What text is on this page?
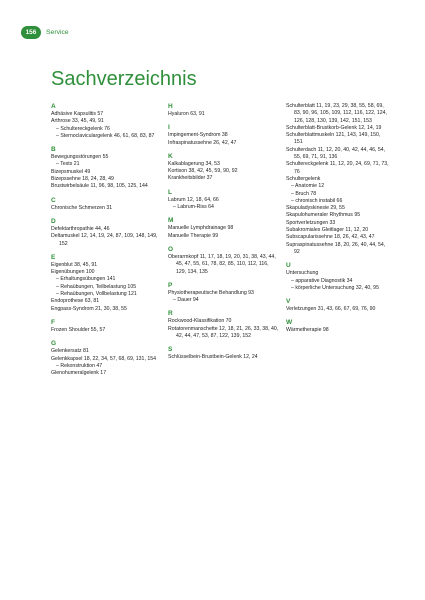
156	Service
Sachverzeichnis
A
Adhäsive Kapsulitis 57
Arthrose 33, 45, 49, 91
– Schultereckgelenk 76
– Sternoclaviculargelenk 46, 61, 68, 83, 87
B
Bewegungsstörungen 55
– Tests 21
Bizepsmuskel 49
Bizepssehne 18, 24, 28, 49
Brustwirbelsäule 11, 96, 98, 105, 125, 144
C
Chronische Schmerzen 31
D
Defektarthropathie 44, 46
Deltamuskel 12, 14, 19, 24, 87, 109, 148, 149, 152
E
Eigenblut 38, 45, 91
Eigenübungen 100
– Erhaltungsübungen 141
– Rehaübungen, Teilbelastung 105
– Rehaübungen, Vollbelastung 121
Endoprothese 63, 81
Engpass-Syndrom 21, 30, 38, 55
F
Frozen Shoulder 55, 57
G
Gelenkersatz 81
Gelenkkapsel 18, 22, 34, 57, 68, 69, 131, 154
– Rekonstruktion 47
Glenohumeralgelenk 17
H
Hyaluron 63, 91
I
Impingement-Syndrom 38
Infraspinatussehne 26, 42, 47
K
Kalkablagerung 34, 53
Kortison 38, 42, 45, 59, 90, 92
Krankheitsbilder 37
L
Labrum 12, 18, 64, 66
– Labrum-Riss 64
M
Manuelle Lymphdrainage 98
Manuelle Therapie 99
O
Oberarmkopf 11, 17, 18, 19, 20, 31, 38, 43, 44, 45, 47, 55, 61, 78, 82, 85, 110, 112, 116, 129, 134, 135
P
Physiotherapeutische Behandlung 93
– Dauer 94
R
Rockwood-Klassifikation 70
Rotatorenmanschette 12, 18, 21, 26, 33, 38, 40, 42, 44, 47, 53, 87, 122, 139, 152
S
Schlüsselbein-Brustbein-Gelenk 12, 24
Schulterblatt 11, 19, 23, 29, 38, 55, 58, 69, 83, 90, 96, 105, 109, 112, 116, 122, 124, 126, 128, 130, 139, 142, 151, 153
Schulterblatt-Brustkorb-Gelenk 12, 14, 19
Schulterblattmuskeln 121, 143, 149, 150, 151
Schulterdach 11, 12, 20, 40, 42, 44, 46, 54, 55, 69, 71, 91, 136
Schultereckgelenk 11, 12, 20, 24, 69, 71, 73, 76
Schultergelenk
– Anatomie 12
– Bruch 78
– chronisch instabil 66
Skapuladyskinesie 29, 55
Skapulohumeraler Rhythmus 95
Sportverletzungen 33
Subakromiales Gleitlager 11, 12, 20
Subscapularissehne 18, 26, 42, 43, 47
Supraspinatussehne 18, 20, 26, 40, 44, 54, 92
U
Untersuchung
– apparative Diagnostik 34
– körperliche Untersuchung 32, 40, 95
V
Verletzungen 31, 43, 66, 67, 69, 76, 90
W
Wärmetherapie 98
